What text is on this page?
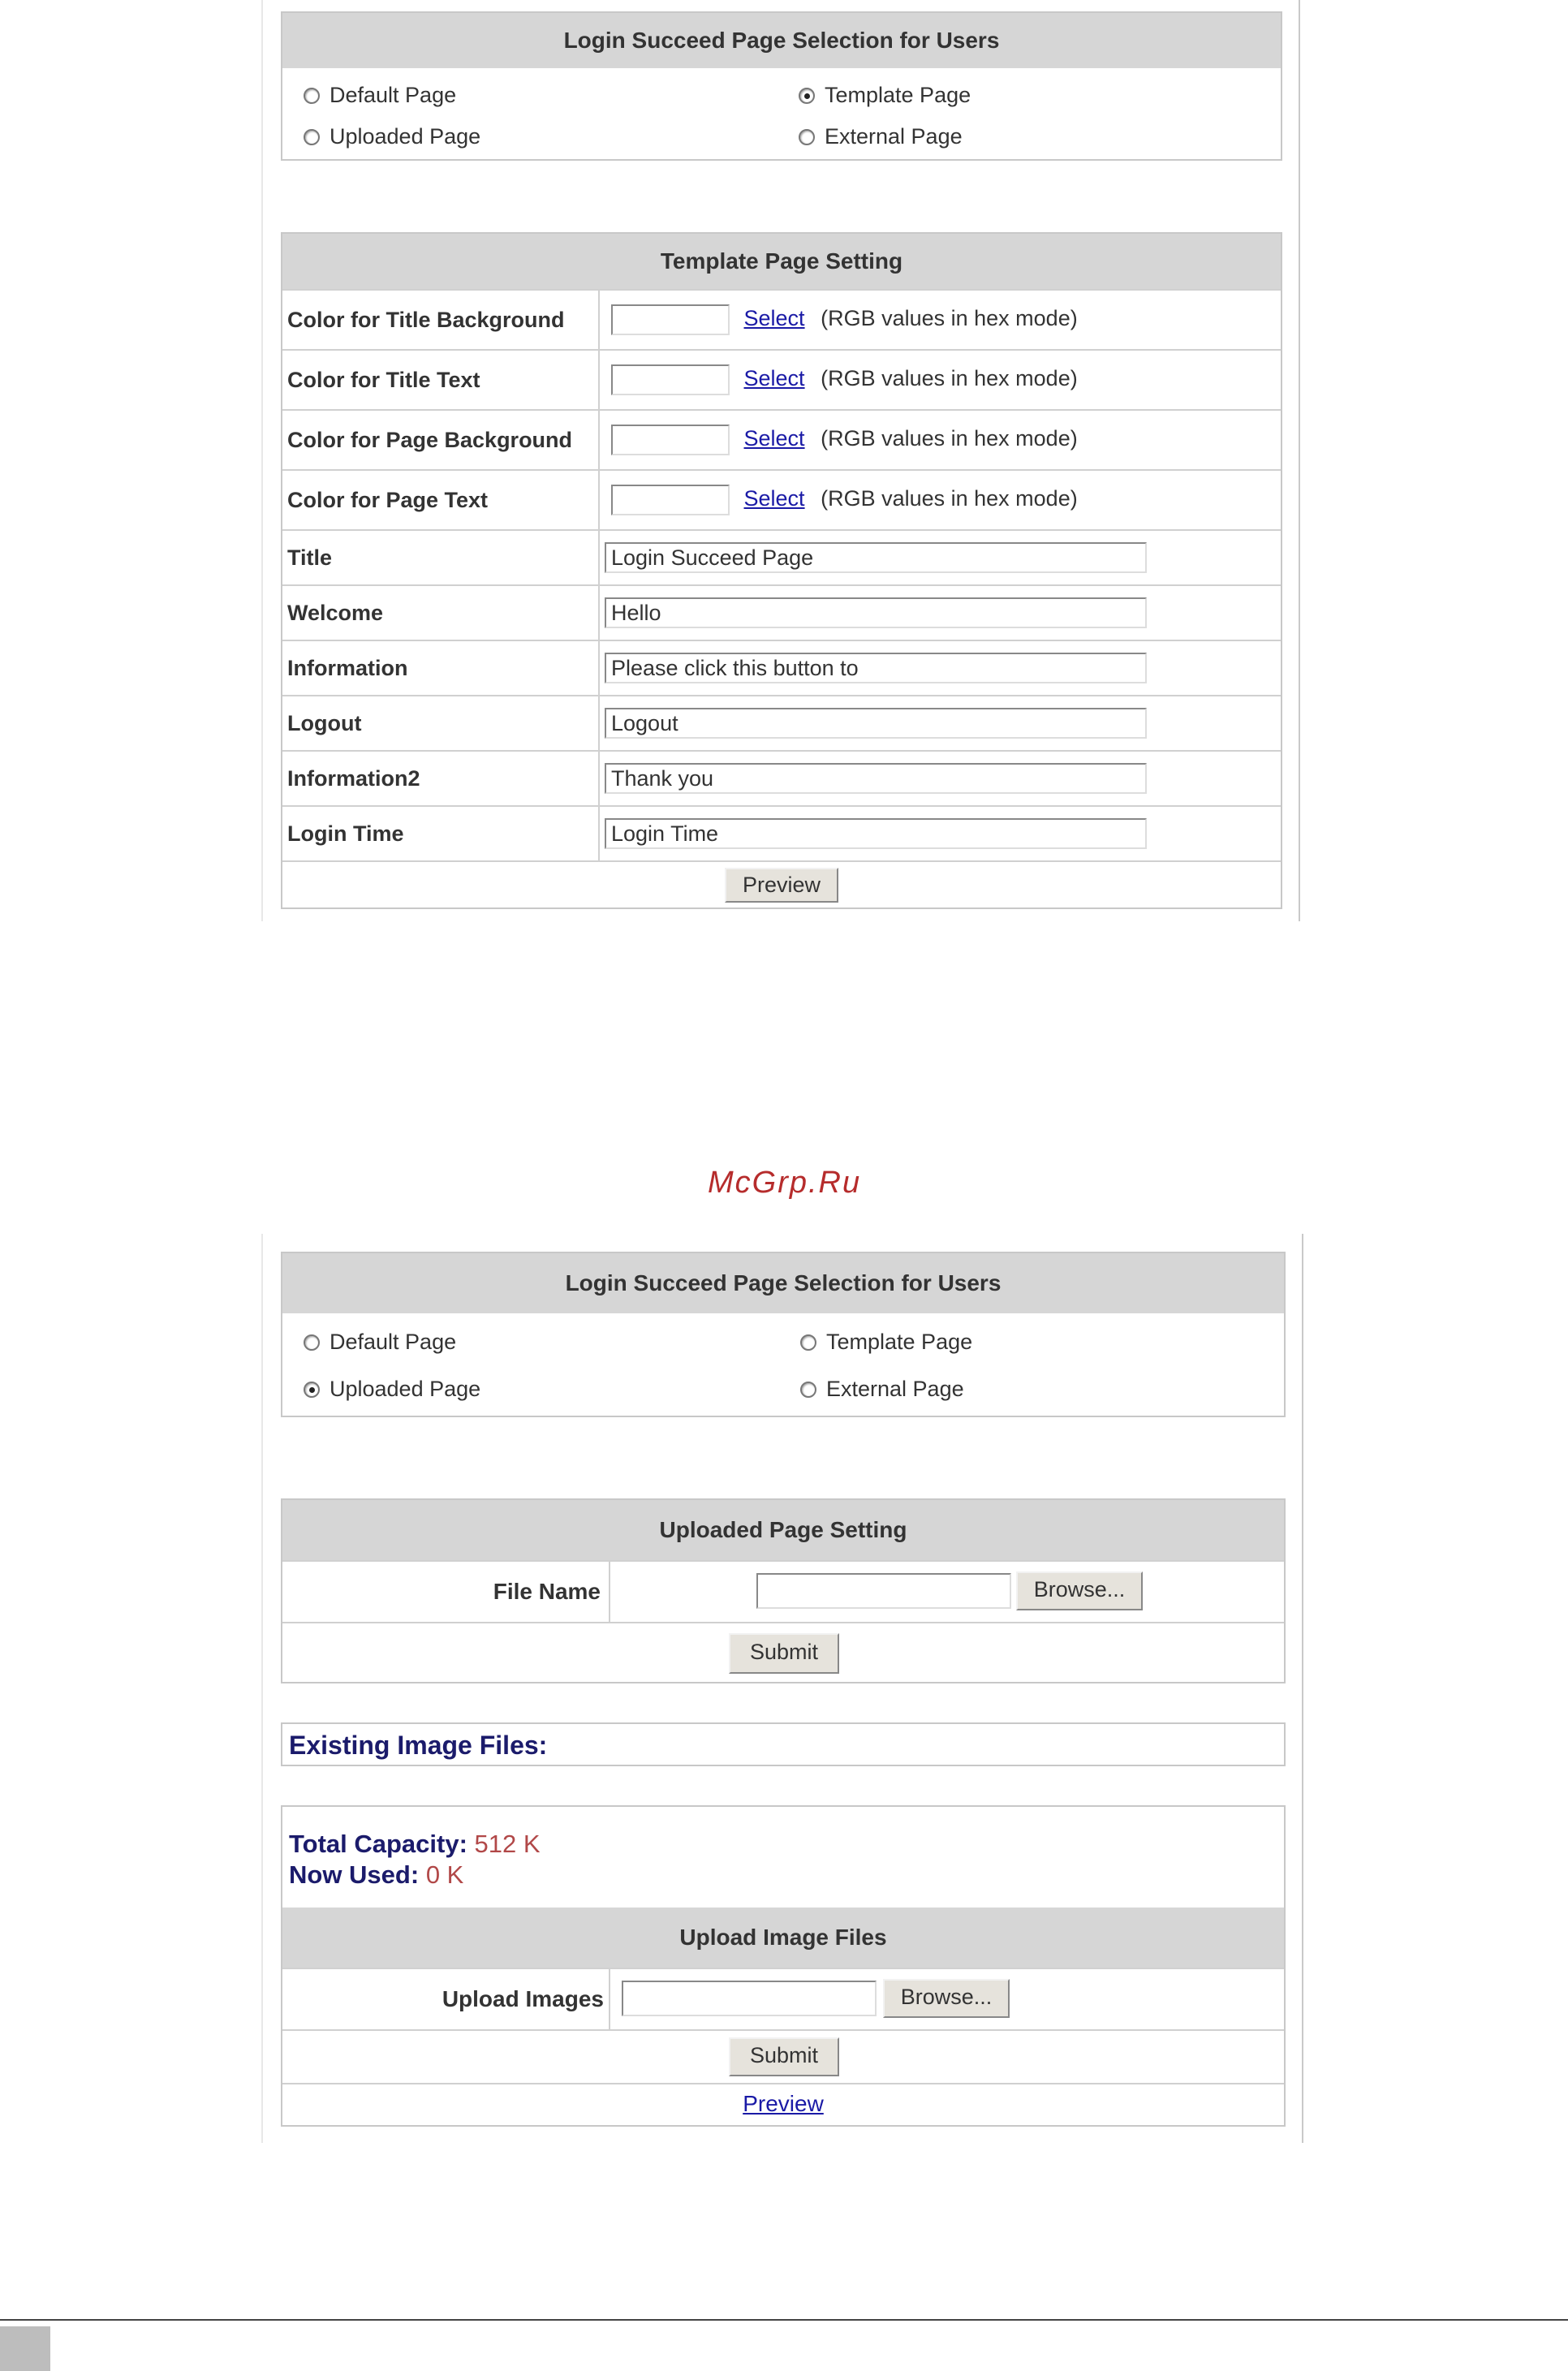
Login Succeed Page Selection for Users
Default Page	Template Page
Uploaded Page	External Page
Template Page Setting
Color for Title Background	Select (RGB values in hex mode)
Color for Title Text	Select (RGB values in hex mode)
Color for Page Background	Select (RGB values in hex mode)
Color for Page Text	Select (RGB values in hex mode)
Title	Login Succeed Page
Welcome	Hello
Information	Please click this button to
Logout	Logout
Information2	Thank you
Login Time	Login Time
Preview	
McGrp.Ru
Login Succeed Page Selection for Users
Default Page	Template Page
Uploaded Page	External Page
Uploaded Page Setting
File Name	Browse...
Submit
Existing Image Files:
Total Capacity: 512 K
Now Used: 0 K
Upload Image Files
Upload Images	Browse...
Submit
Preview
